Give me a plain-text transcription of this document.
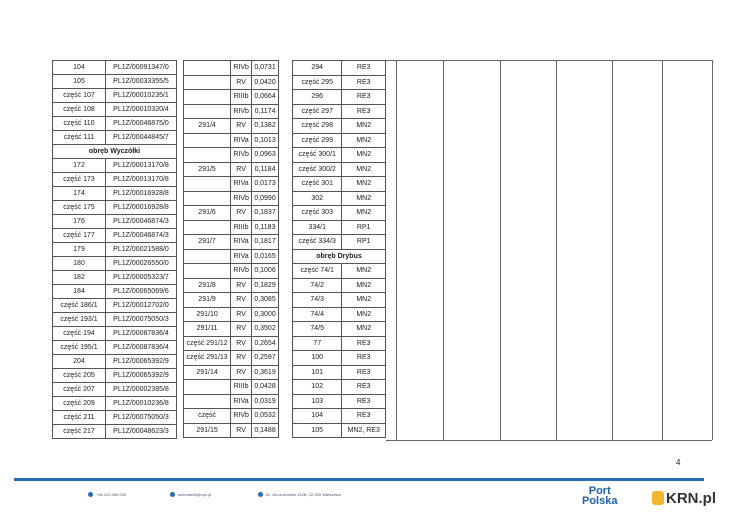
104	PL1Z/00091347/0
105	PL1Z/00033355/5
część 107	PL1Z/00010235/1
część 108	PL1Z/00010320/4
część 110	PL1Z/00046875/0
część 111	PL1Z/00044845/7
obręb Wyczółki	
172	PL1Z/00013170/8
część 173	PL1Z/00013170/8
174	PL1Z/00016928/8
część 175	PL1Z/00016928/8
176	PL1Z/00046874/3
część 177	PL1Z/00046874/3
179	PL1Z/00021588/0
180	PL1Z/00026550/0
182	PL1Z/00005323/7
184	PL1Z/00065069/6
część 186/1	PL1Z/00012702/0
część 193/1	PL1Z/00075050/3
część 194	PL1Z/00087836/4
część 195/1	PL1Z/00087836/4
204	PL1Z/00065392/9
część 205	PL1Z/00065392/9
część 207	PL1Z/00002385/8
część 209	PL1Z/00010236/8
część 211	PL1Z/00075050/3
część 217	PL1Z/00048623/3
	RIVb	0,0731
	RV	0,0420
	RIIIb	0,0664
	RIVb	0,1174
291/4	RV	0,1382
	RIVa	0,1013
	RIVb	0,0963
291/5	RV	0,1184
	RIVa	0,0173
	RIVb	0,0990
291/6	RV	0,1837
	RIIIb	0,1183
291/7	RIVa	0,1817
	RIVa	0,0165
	RIVb	0,1006
291/8	RV	0,1829
291/9	RV	0,3085
291/10	RV	0,3000
291/11	RV	0,3502
część 291/12	RV	0,2654
część 291/13	RV	0,2597
291/14	RV	0,3619
	RIIIb	0,0428
	RIVa	0,0319
część	RIVb	0,0532
291/15	RV	0,1488
294	RE3
część 295	RE3
296	RE3
część 297	RE3
część 298	MN2
część 299	MN2
część 300/1	MN2
część 300/2	MN2
część 301	MN2
302	MN2
część 303	MN2
334/1	RP1
część 334/3	RP1
obręb Drybus	
część 74/1	MN2
74/2	MN2
74/3	MN2
74/4	MN2
74/5	MN2
77	RE3
100	RE3
101	RE3
102	RE3
103	RE3
104	RE3
105	MN2, RE3
4
+48 123 456 000	sekretariat@cpk.pl	Al. Jerozolimskie 142B, 02-305 Warszawa	Port
Polska	KRN.pl
